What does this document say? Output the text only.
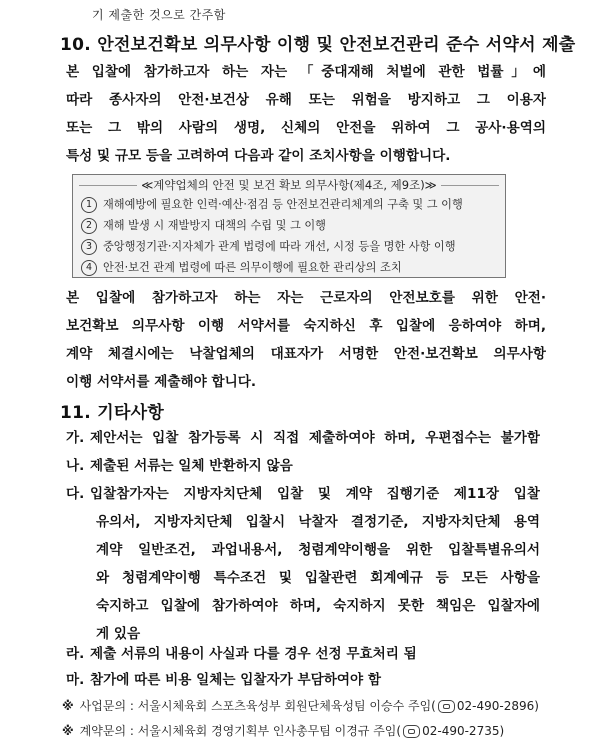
기 제출한 것으로 간주함
10. 안전보건확보 의무사항 이행 및 안전보건관리 준수 서약서 제출
본 입찰에 참가하고자 하는 자는 「중대재해 처벌에 관한 법률」에
따라 종사자의 안전·보건상 유해 또는 위험을 방지하고 그 이용자
또는 그 밖의 사람의 생명, 신체의 안전을 위하여 그 공사·용역의
특성 및 규모 등을 고려하여 다음과 같이 조치사항을 이행합니다.
≪계약업체의 안전 및 보건 확보 의무사항(제4조, 제9조)≫
1 재해예방에 필요한 인력·예산·점검 등 안전보건관리체계의 구축 및 그 이행
2 재해 발생 시 재발방지 대책의 수립 및 그 이행
3 중앙행정기관·지자체가 관계 법령에 따라 개선, 시정 등을 명한 사항 이행
4 안전·보건 관계 법령에 따른 의무이행에 필요한 관리상의 조치
본 입찰에 참가하고자 하는 자는 근로자의 안전보호를 위한 안전·
보건확보 의무사항 이행 서약서를 숙지하신 후 입찰에 응하여야 하며,
계약 체결시에는 낙찰업체의 대표자가 서명한 안전·보건확보 의무사항
이행 서약서를 제출해야 합니다.
11. 기타사항
가. 제안서는 입찰 참가등록 시 직접 제출하여야 하며, 우편접수는 불가함
나. 제출된 서류는 일체 반환하지 않음
다. 입찰참가자는 지방자치단체 입찰 및 계약 집행기준 제11장 입찰
유의서, 지방자치단체 입찰시 낙찰자 결정기준, 지방자치단체 용역
계약 일반조건, 과업내용서, 청렴계약이행을 위한 입찰특별유의서
와 청렴계약이행 특수조건 및 입찰관련 회계예규 등 모든 사항을
숙지하고 입찰에 참가하여야 하며, 숙지하지 못한 책임은 입찰자에
게 있음
라. 제출 서류의 내용이 사실과 다를 경우 선정 무효처리 됨
마. 참가에 따른 비용 일체는 입찰자가 부담하여야 함
※ 사업문의 : 서울시체육회 스포츠육성부 회원단체육성팀 이승수 주임( 02-490-2896)
※ 계약문의 : 서울시체육회 경영기획부 인사총무팀 이경규 주임( 02-490-2735)
